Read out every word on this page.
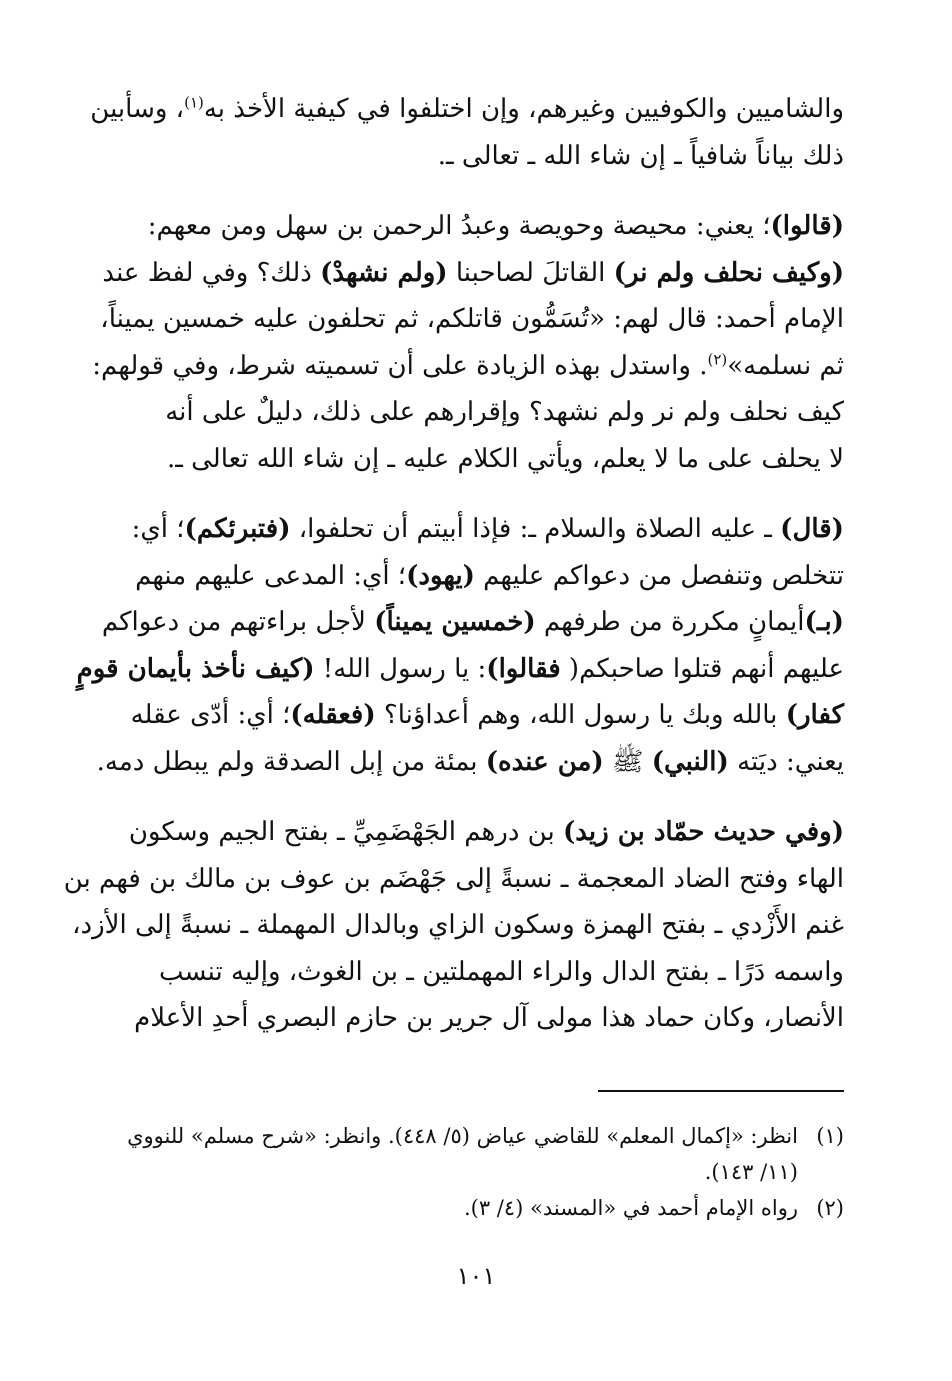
والشاميين والكوفيين وغيرهم، وإن اختلفوا في كيفية الأخذ به$^{(١)}$، وسأبين
ذلك بياناً شافياً ـ إن شاء الله ـ تعالى ـ.

(قالوا)؛ يعني: محيصة وحويصة وعبدُ الرحمن بن سهل ومن معهم:
(وكيف نحلف ولم نر) القاتلَ لصاحبنا (ولم نشهدْ) ذلك؟ وفي لفظ عند
الإمام أحمد: قال لهم: «تُسَمُّون قاتلكم، ثم تحلفون عليه خمسين يميناً،
ثم نسلمه»$^{(٢)}$. واستدل بهذه الزيادة على أن تسميته شرط، وفي قولهم:
كيف نحلف ولم نر ولم نشهد؟ وإقرارهم على ذلك، دليلٌ على أنه
لا يحلف على ما لا يعلم، ويأتي الكلام عليه ـ إن شاء الله تعالى ـ.

(قال) ـ عليه الصلاة والسلام ـ: فإذا أبيتم أن تحلفوا، (فتبرئكم)؛ أي:
تتخلص وتنفصل من دعواكم عليهم (يهود)؛ أي: المدعى عليهم منهم
(بـ)أيمانٍ مكررة من طرفهم (خمسين يميناً) لأجل براءتهم من دعواكم
عليهم أنهم قتلوا صاحبكم( فقالوا): يا رسول الله! (كيف نأخذ بأيمان قومٍ
كفار) بالله وبك يا رسول الله، وهم أعداؤنا؟ (فعقله)؛ أي: أدّى عقله
يعني: ديَته (النبي) ﷺ (من عنده) بمئة من إبل الصدقة ولم يبطل دمه.

(وفي حديث حمّاد بن زيد) بن درهم الجَهْضَمِيِّ ـ بفتح الجيم وسكون
الهاء وفتح الضاد المعجمة ـ نسبةً إلى جَهْضَم بن عوف بن مالك بن فهم بن
غنم الأَزْدي ـ بفتح الهمزة وسكون الزاي وبالدال المهملة ـ نسبةً إلى الأزد،
واسمه دَرًا ـ بفتح الدال والراء المهملتين ـ بن الغوث، وإليه تنسب
الأنصار، وكان حماد هذا مولى آل جرير بن حازم البصري أحدِ الأعلام

(١)
انظر: «إكمال المعلم» للقاضي عياض (٥/ ٤٤٨). وانظر: «شرح مسلم» للنووي
(١١/ ١٤٣).
(٢)
رواه الإمام أحمد في «المسند» (٤/ ٣).
١٠١
